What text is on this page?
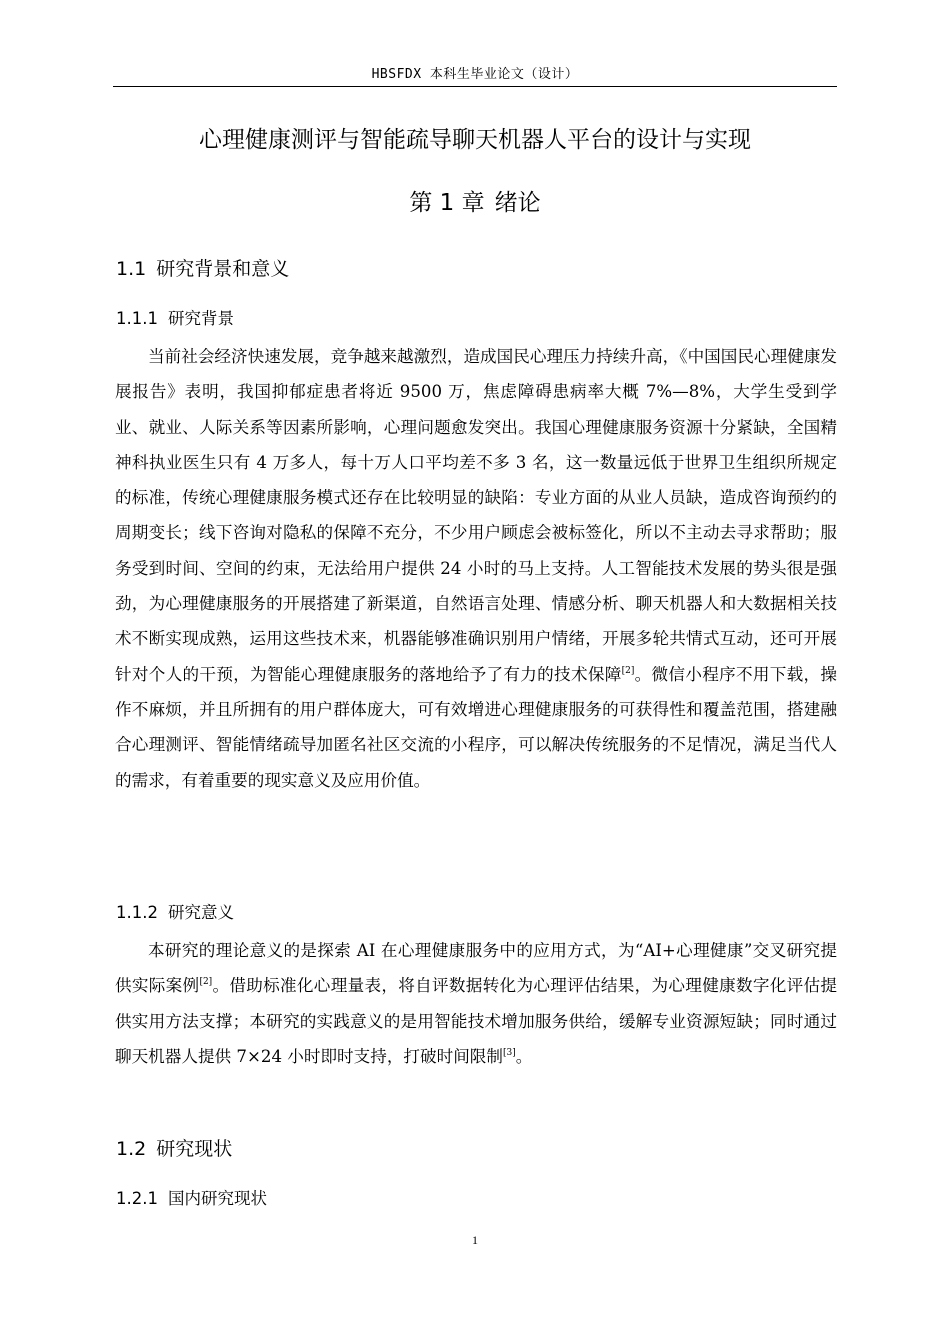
HBSFDX 本科生毕业论文（设计）
心理健康测评与智能疏导聊天机器人平台的设计与实现
第 1 章 绪论
1.1 研究背景和意义
1.1.1 研究背景

当前社会经济快速发展，竞争越来越激烈，造成国民心理压力持续升高，《中国国民心理健康发展报告》表明，我国抑郁症患者将近 9500 万，焦虑障碍患病率大概 7%—8%，大学生受到学业、就业、人际关系等因素所影响，心理问题愈发突出。我国心理健康服务资源十分紧缺，全国精神科执业医生只有 4 万多人，每十万人口平均差不多 3 名，这一数量远低于世界卫生组织所规定的标准，传统心理健康服务模式还存在比较明显的缺陷：专业方面的从业人员缺，造成咨询预约的周期变长；线下咨询对隐私的保障不充分，不少用户顾虑会被标签化，所以不主动去寻求帮助；服务受到时间、空间的约束，无法给用户提供 24 小时的马上支持。人工智能技术发展的势头很是强劲，为心理健康服务的开展搭建了新渠道，自然语言处理、情感分析、聊天机器人和大数据相关技术不断实现成熟，运用这些技术来，机器能够准确识别用户情绪，开展多轮共情式互动，还可开展针对个人的干预，为智能心理健康服务的落地给予了有力的技术保障[2]。微信小程序不用下载，操作不麻烦，并且所拥有的用户群体庞大，可有效增进心理健康服务的可获得性和覆盖范围，搭建融合心理测评、智能情绪疏导加匿名社区交流的小程序，可以解决传统服务的不足情况，满足当代人的需求，有着重要的现实意义及应用价值。

1.1.2 研究意义

本研究的理论意义的是探索 AI 在心理健康服务中的应用方式，为“AI+心理健康”交叉研究提供实际案例[2]。借助标准化心理量表，将自评数据转化为心理评估结果，为心理健康数字化评估提供实用方法支撑；本研究的实践意义的是用智能技术增加服务供给，缓解专业资源短缺；同时通过聊天机器人提供 7×24 小时即时支持，打破时间限制[3]。

1.2 研究现状
1.2.1 国内研究现状
1
